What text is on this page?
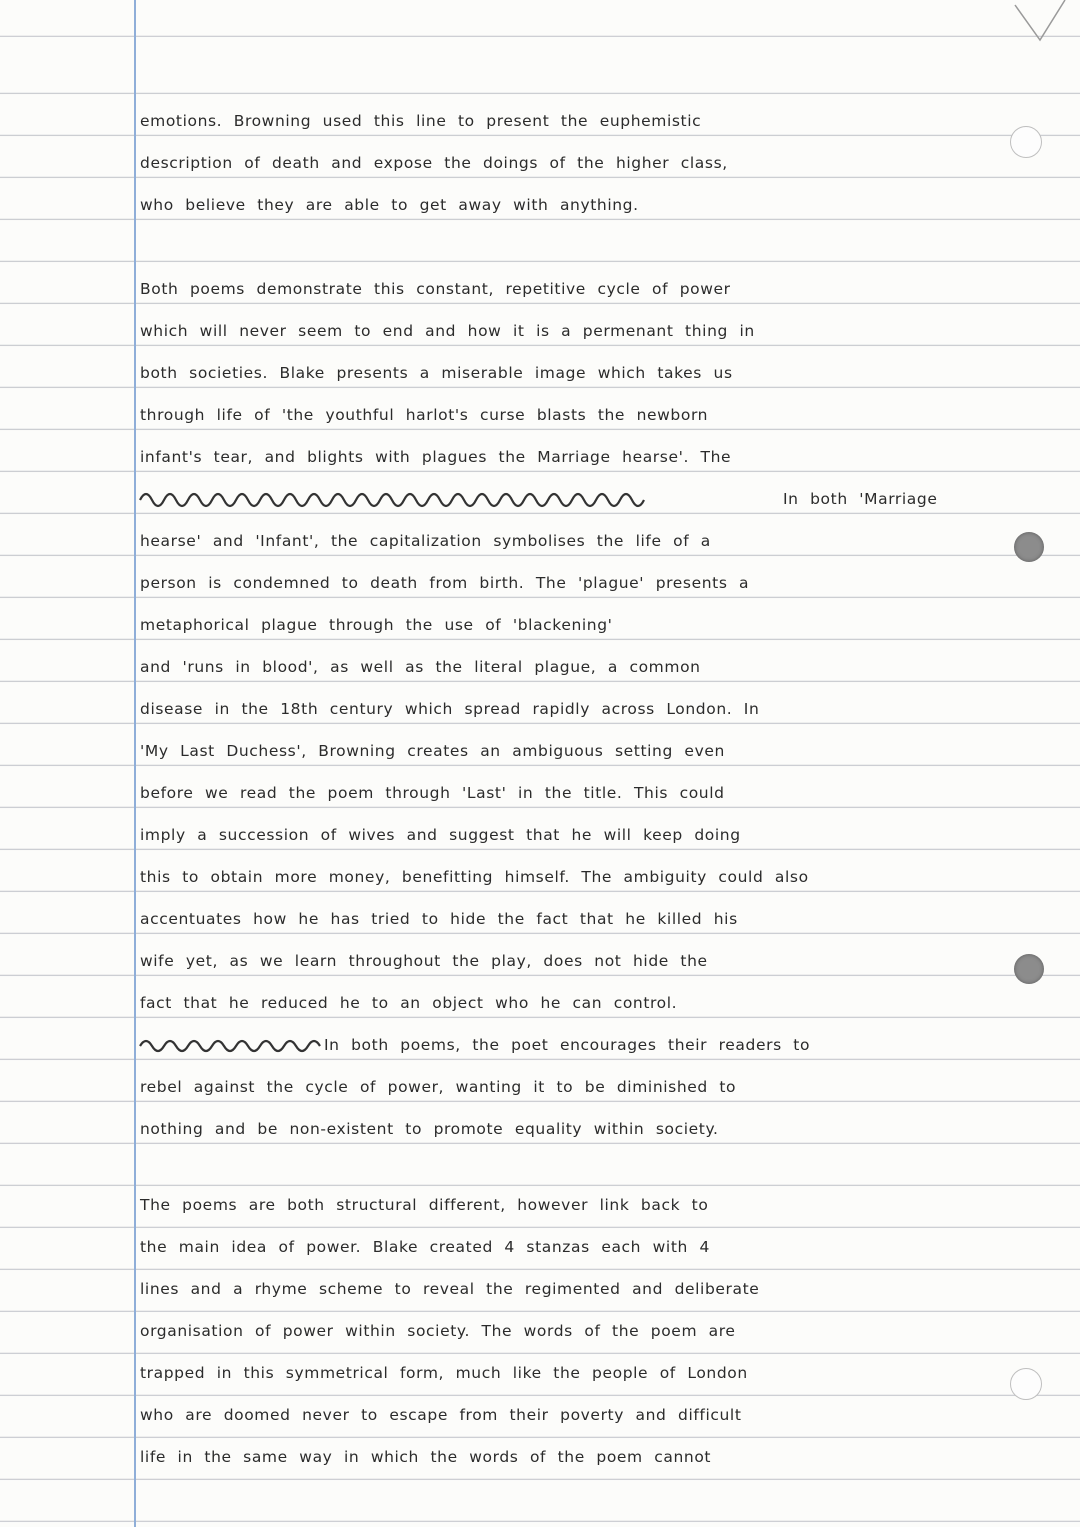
emotions. Browning used this line to present the euphemistic
description of death and expose the doings of the higher class,
who believe they are able to get away with anything.
Both poems demonstrate this constant, repetitive cycle of power
which will never seem to end and how it is a permenant thing in
both societies. Blake presents a miserable image which takes us
through life of 'the youthful harlot's curse blasts the newborn
infant's tear, and blights with plagues the Marriage hearse'. The
In both 'Marriage
hearse' and 'Infant', the capitalization symbolises the life of a
person is condemned to death from birth. The 'plague' presents a
metaphorical plague through the use of 'blackening'
and 'runs in blood', as well as the literal plague, a common
disease in the 18th century which spread rapidly across London. In
'My Last Duchess', Browning creates an ambiguous setting even
before we read the poem through 'Last' in the title. This could
imply a succession of wives and suggest that he will keep doing
this to obtain more money, benefitting himself. The ambiguity could also
accentuates how he has tried to hide the fact that he killed his
wife yet, as we learn throughout the play, does not hide the
fact that he reduced he to an object who he can control.
In both poems, the poet encourages their readers to
rebel against the cycle of power, wanting it to be diminished to
nothing and be non-existent to promote equality within society.
The poems are both structural different, however link back to
the main idea of power. Blake created 4 stanzas each with 4
lines and a rhyme scheme to reveal the regimented and deliberate
organisation of power within society. The words of the poem are
trapped in this symmetrical form, much like the people of London
who are doomed never to escape from their poverty and difficult
life in the same way in which the words of the poem cannot
